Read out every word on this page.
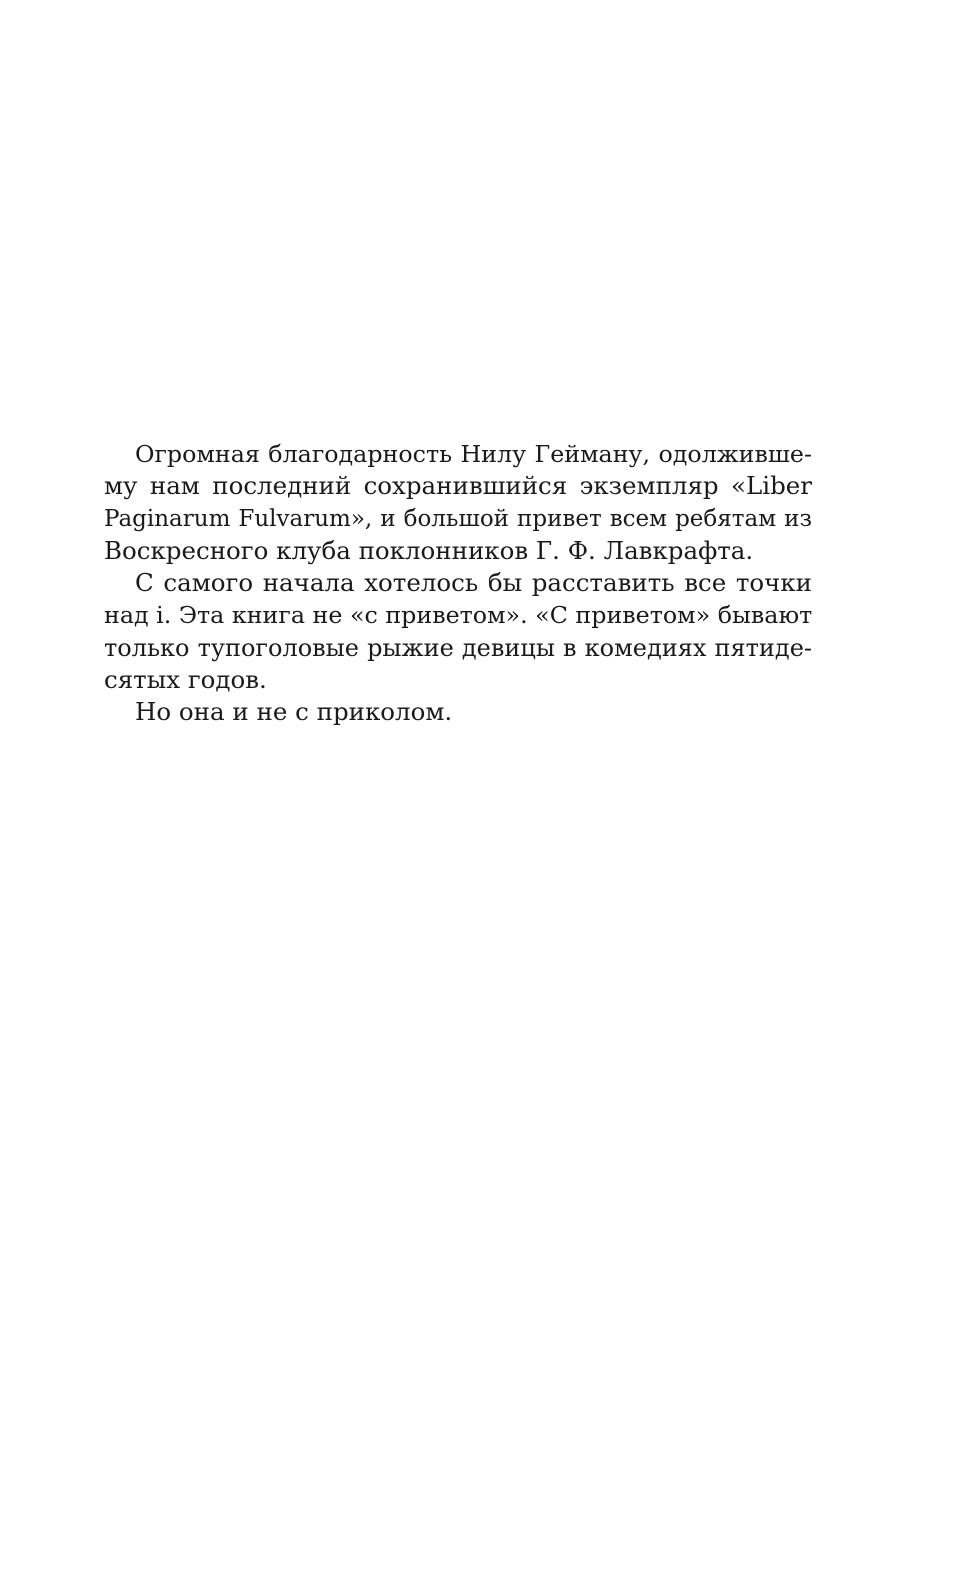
Огромная благодарность Нилу Гейману, одолживше-
му нам последний сохранившийся экземпляр «Liber
Paginarum Fulvarum», и большой привет всем ребятам из
Воскресного клуба поклонников Г. Ф. Лавкрафта.

С самого начала хотелось бы расставить все точки
над i. Эта книга не «с приветом». «С приветом» бывают
только тупоголовые рыжие девицы в комедиях пятиде-
сятых годов.

Но она и не с приколом.
